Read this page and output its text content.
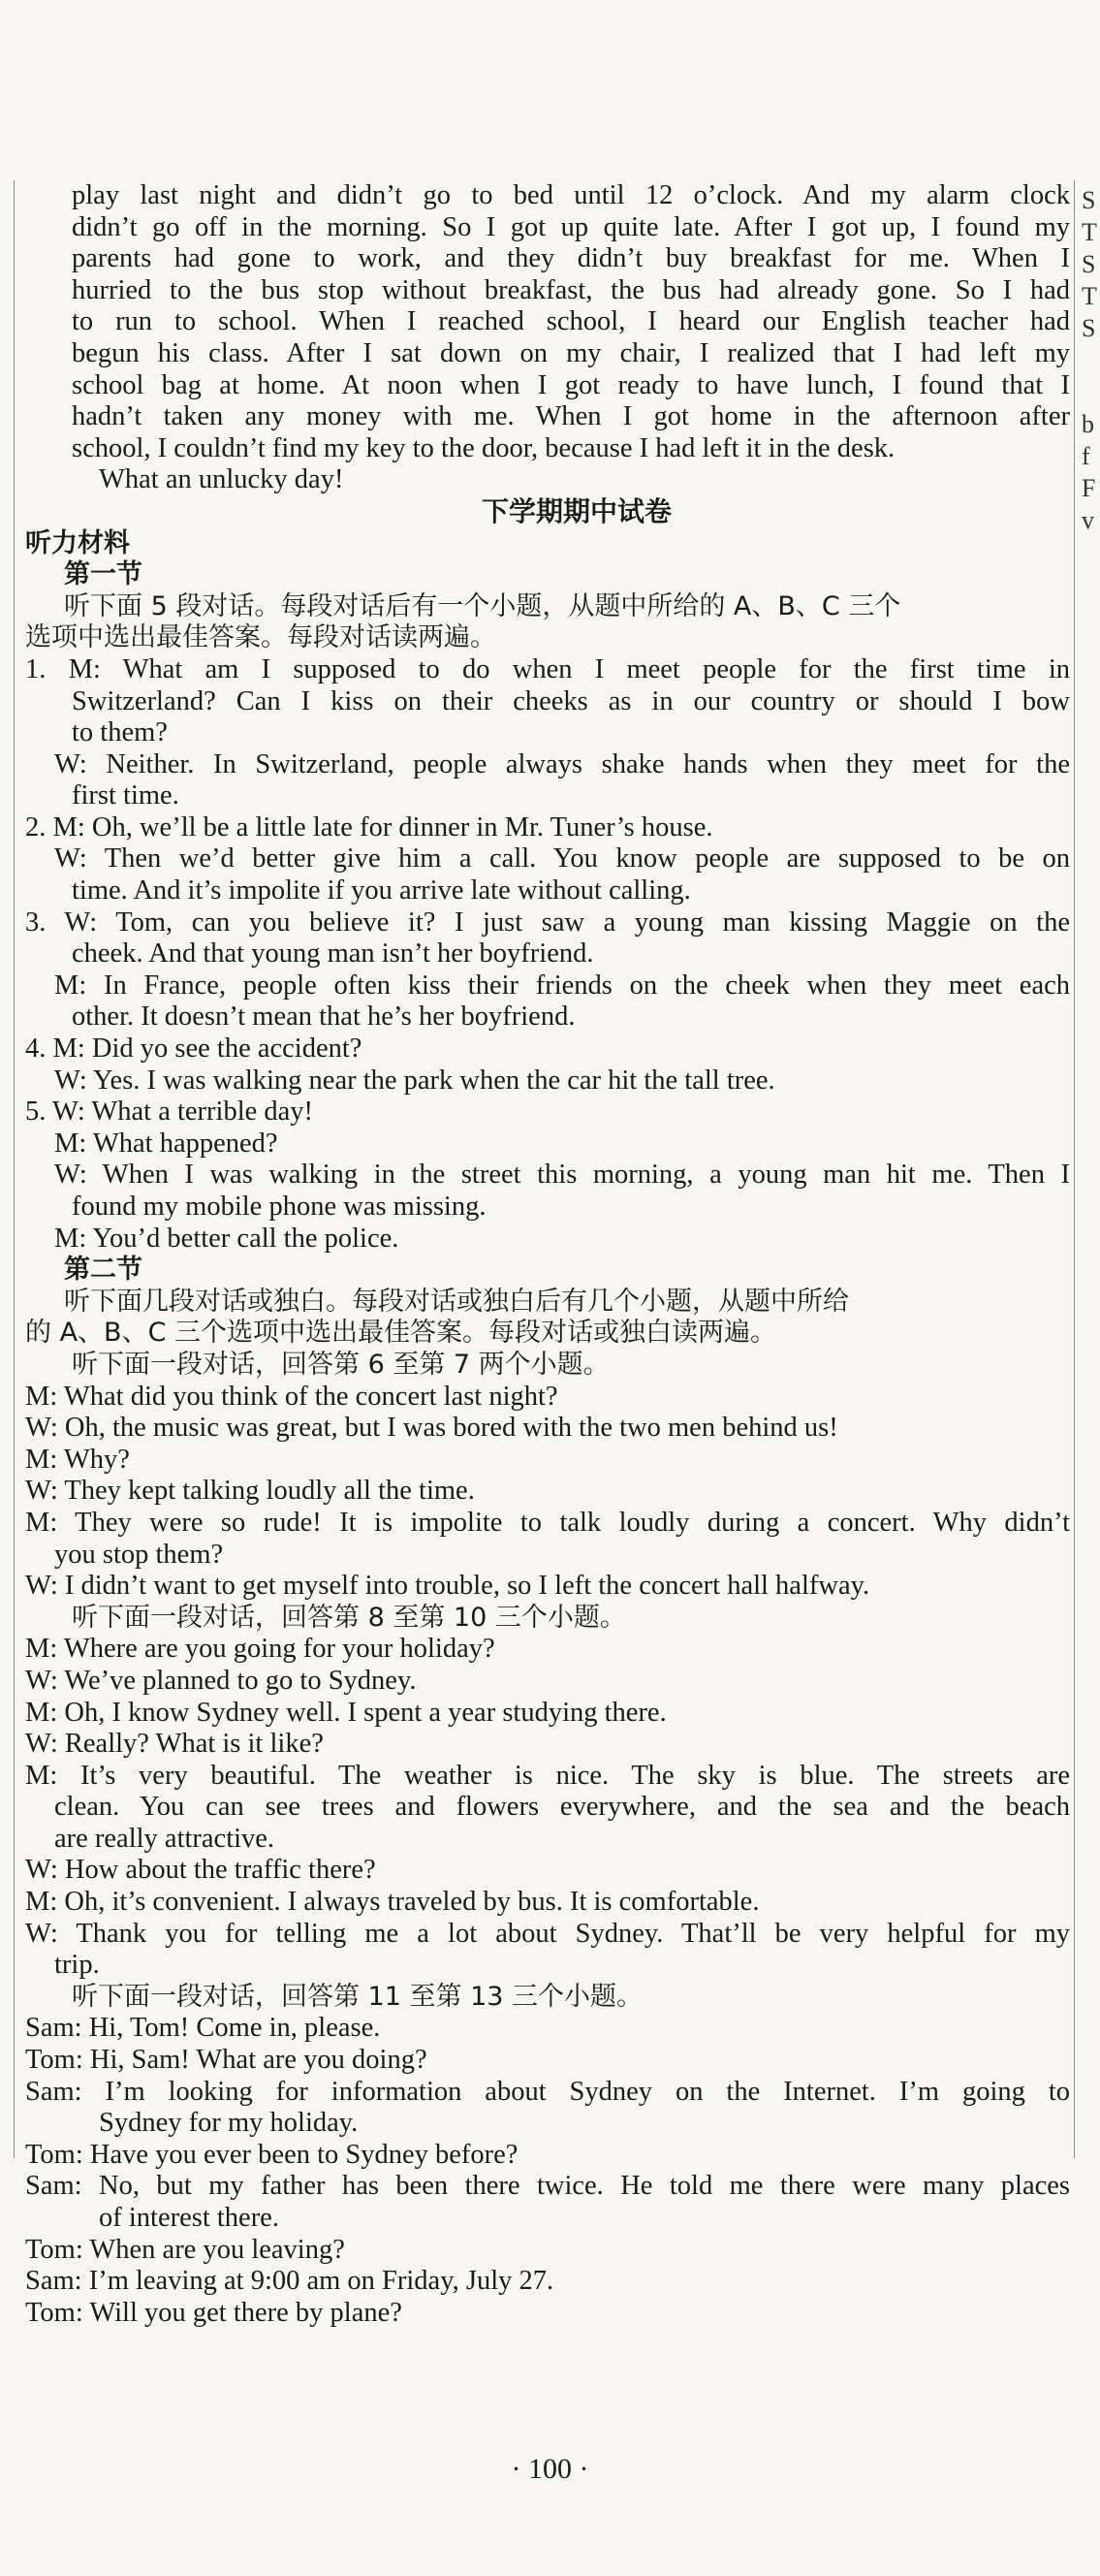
S
T
S
T
S

b
f
F
v
play last night and didn’t go to bed until 12 o’clock. And my alarm clock
didn’t go off in the morning. So I got up quite late. After I got up, I found my
parents had gone to work, and they didn’t buy breakfast for me. When I
hurried to the bus stop without breakfast, the bus had already gone. So I had
to run to school. When I reached school, I heard our English teacher had
begun his class. After I sat down on my chair, I realized that I had left my
school bag at home. At noon when I got ready to have lunch, I found that I
hadn’t taken any money with me. When I got home in the afternoon after
school, I couldn’t find my key to the door, because I had left it in the desk.
What an unlucky day!
下学期期中试卷
听力材料
第一节
听下面 5 段对话。每段对话后有一个小题，从题中所给的 A、B、C 三个
选项中选出最佳答案。每段对话读两遍。
1. M: What am I supposed to do when I meet people for the first time in
Switzerland? Can I kiss on their cheeks as in our country or should I bow
to them?
W: Neither. In Switzerland, people always shake hands when they meet for the
first time.
2. M: Oh, we’ll be a little late for dinner in Mr. Tuner’s house.
W: Then we’d better give him a call. You know people are supposed to be on
time. And it’s impolite if you arrive late without calling.
3. W: Tom, can you believe it? I just saw a young man kissing Maggie on the
cheek. And that young man isn’t her boyfriend.
M: In France, people often kiss their friends on the cheek when they meet each
other. It doesn’t mean that he’s her boyfriend.
4. M: Did yo see the accident?
W: Yes. I was walking near the park when the car hit the tall tree.
5. W: What a terrible day!
M: What happened?
W: When I was walking in the street this morning, a young man hit me. Then I
found my mobile phone was missing.
M: You’d better call the police.
第二节
听下面几段对话或独白。每段对话或独白后有几个小题，从题中所给
的 A、B、C 三个选项中选出最佳答案。每段对话或独白读两遍。
听下面一段对话，回答第 6 至第 7 两个小题。
M: What did you think of the concert last night?
W: Oh, the music was great, but I was bored with the two men behind us!
M: Why?
W: They kept talking loudly all the time.
M: They were so rude! It is impolite to talk loudly during a concert. Why didn’t
you stop them?
W: I didn’t want to get myself into trouble, so I left the concert hall halfway.
听下面一段对话，回答第 8 至第 10 三个小题。
M: Where are you going for your holiday?
W: We’ve planned to go to Sydney.
M: Oh, I know Sydney well. I spent a year studying there.
W: Really? What is it like?
M: It’s very beautiful. The weather is nice. The sky is blue. The streets are
clean. You can see trees and flowers everywhere, and the sea and the beach
are really attractive.
W: How about the traffic there?
M: Oh, it’s convenient. I always traveled by bus. It is comfortable.
W: Thank you for telling me a lot about Sydney. That’ll be very helpful for my
trip.
听下面一段对话，回答第 11 至第 13 三个小题。
Sam: Hi, Tom! Come in, please.
Tom: Hi, Sam! What are you doing?
Sam: I’m looking for information about Sydney on the Internet. I’m going to
Sydney for my holiday.
Tom: Have you ever been to Sydney before?
Sam: No, but my father has been there twice. He told me there were many places
of interest there.
Tom: When are you leaving?
Sam: I’m leaving at 9:00 am on Friday, July 27.
Tom: Will you get there by plane?
· 100 ·
